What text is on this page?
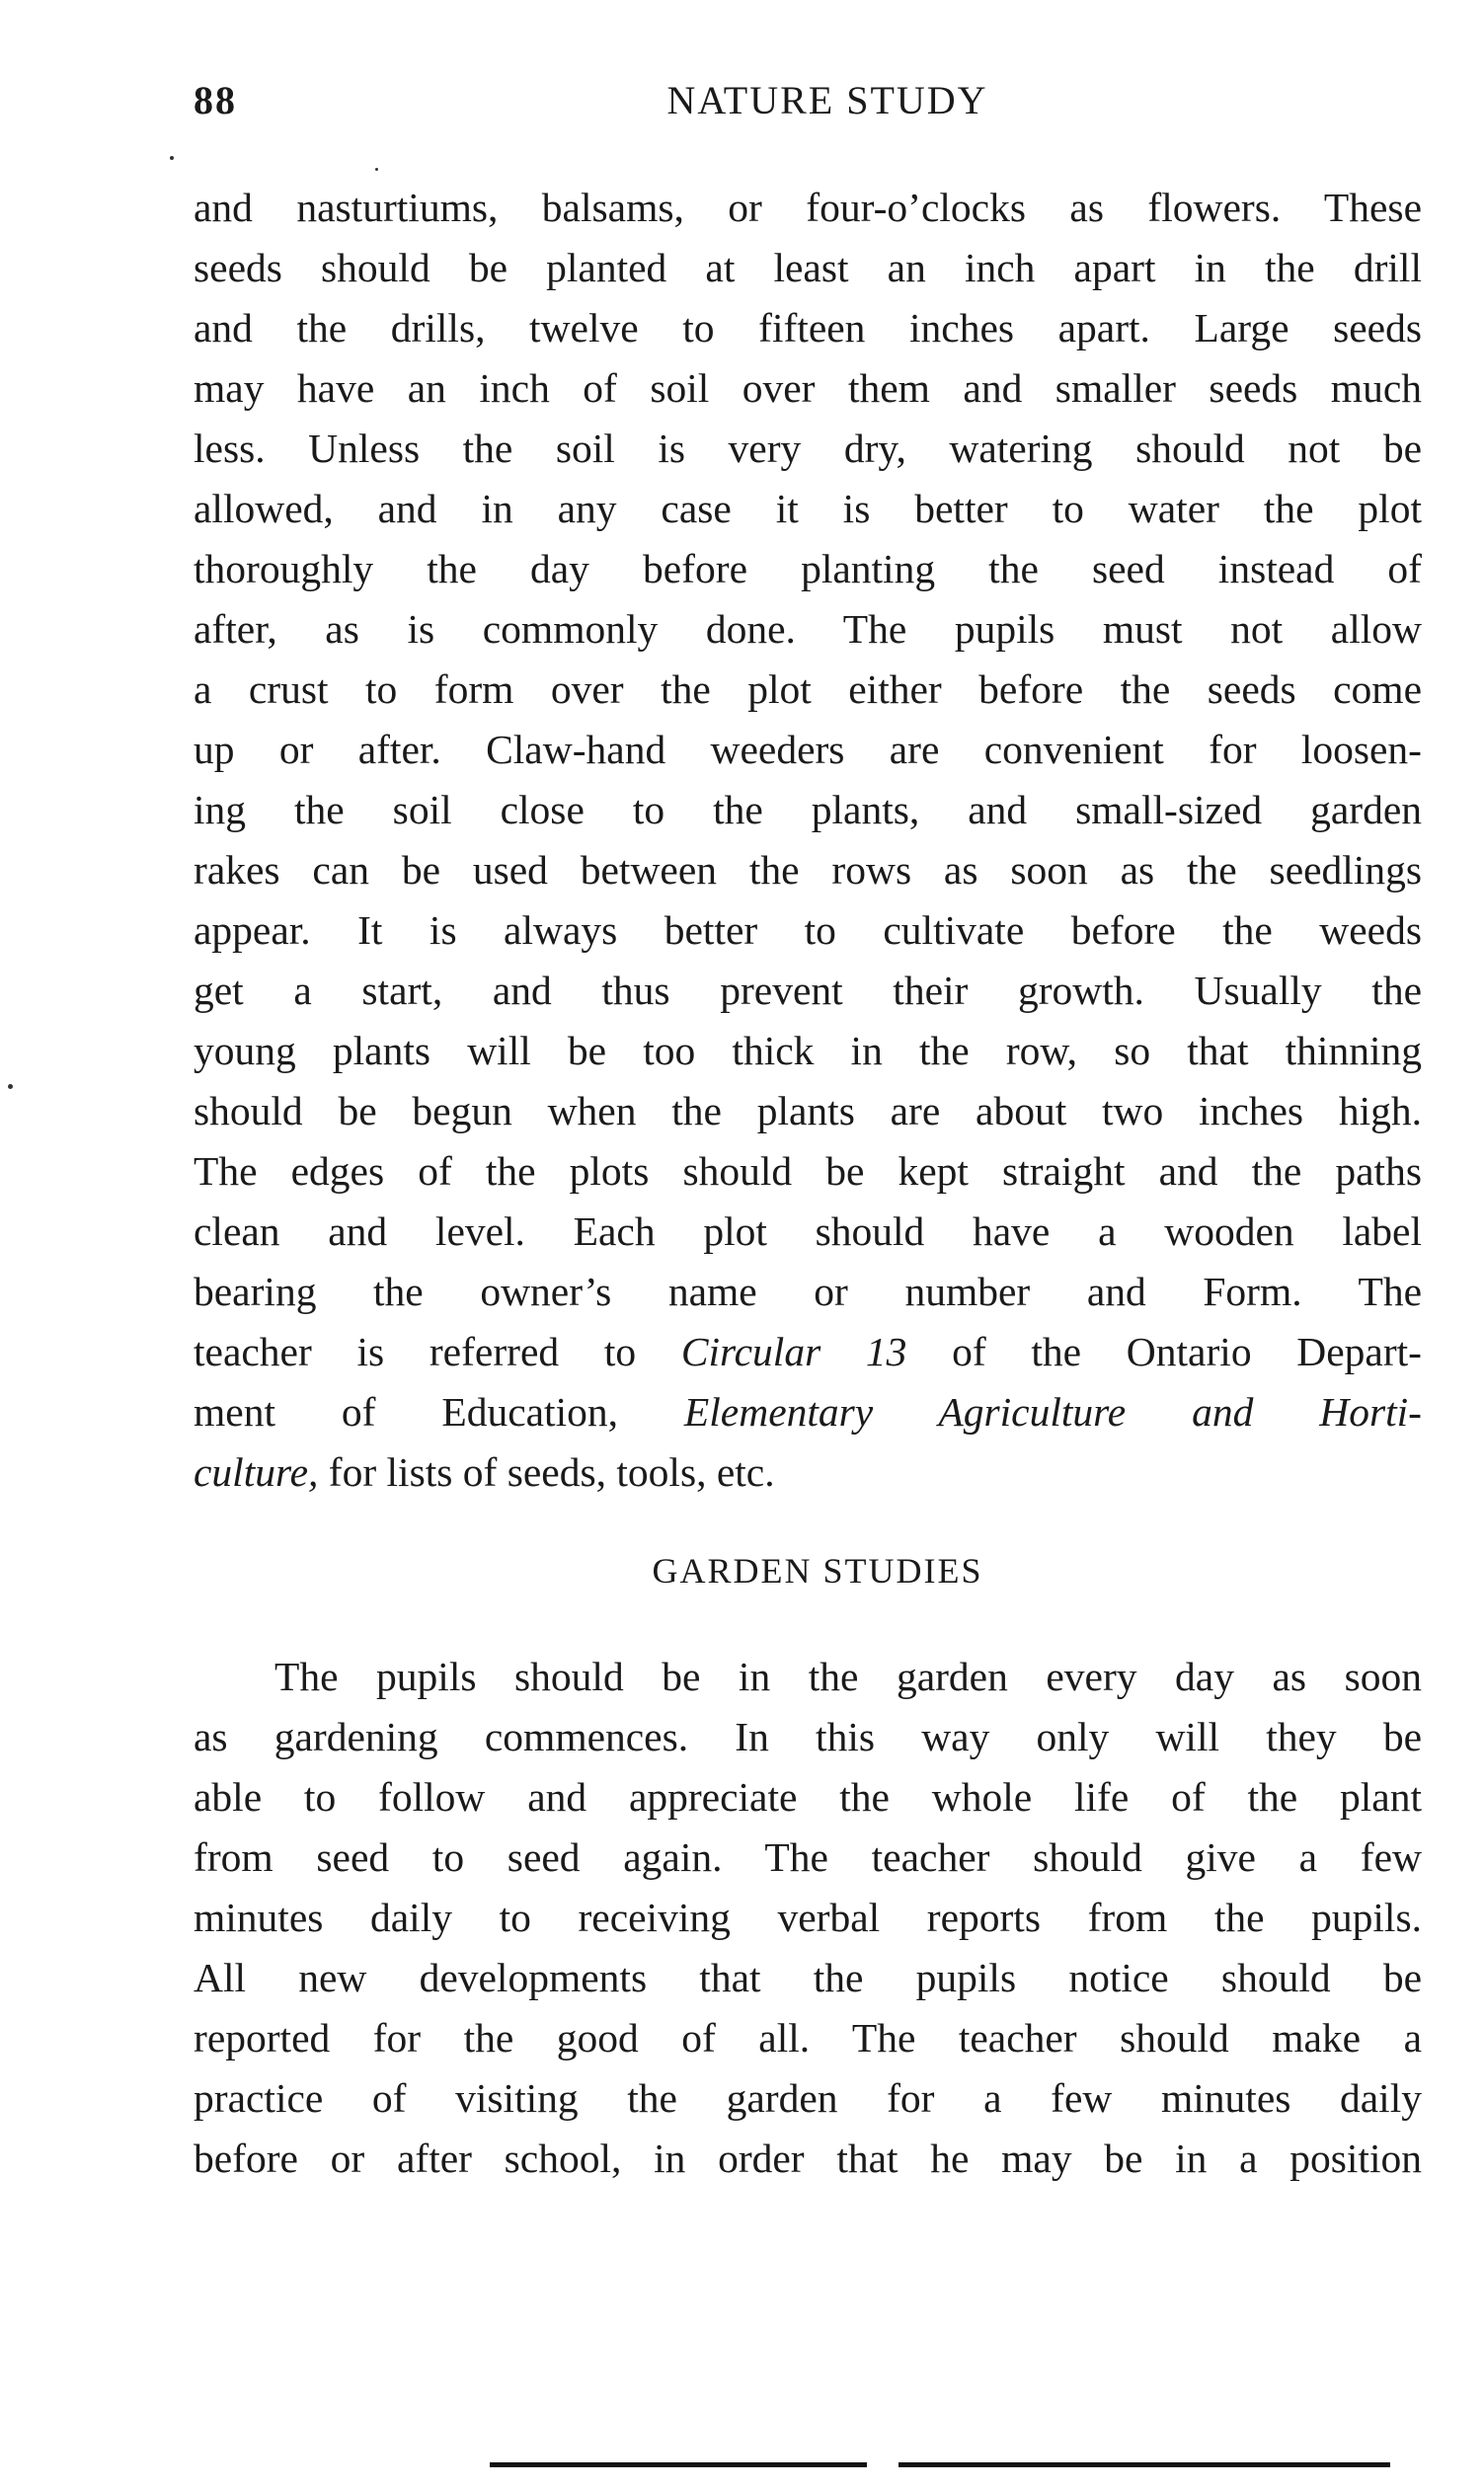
88	NATURE STUDY
and nasturtiums, balsams, or four-o’clocks as flowers. These
seeds should be planted at least an inch apart in the drill
and the drills, twelve to fifteen inches apart. Large seeds
may have an inch of soil over them and smaller seeds much
less. Unless the soil is very dry, watering should not be
allowed, and in any case it is better to water the plot
thoroughly the day before planting the seed instead of
after, as is commonly done. The pupils must not allow
a crust to form over the plot either before the seeds come
up or after. Claw-hand weeders are convenient for loosen-
ing the soil close to the plants, and small-sized garden
rakes can be used between the rows as soon as the seedlings
appear. It is always better to cultivate before the weeds
get a start, and thus prevent their growth. Usually the
young plants will be too thick in the row, so that thinning
should be begun when the plants are about two inches high.
The edges of the plots should be kept straight and the paths
clean and level. Each plot should have a wooden label
bearing the owner’s name or number and Form. The
teacher is referred to Circular 13 of the Ontario Depart-
ment of Education, Elementary Agriculture and Horti-
culture, for lists of seeds, tools, etc.
GARDEN STUDIES
The pupils should be in the garden every day as soon
as gardening commences. In this way only will they be
able to follow and appreciate the whole life of the plant
from seed to seed again. The teacher should give a few
minutes daily to receiving verbal reports from the pupils.
All new developments that the pupils notice should be
reported for the good of all. The teacher should make a
practice of visiting the garden for a few minutes daily
before or after school, in order that he may be in a position
